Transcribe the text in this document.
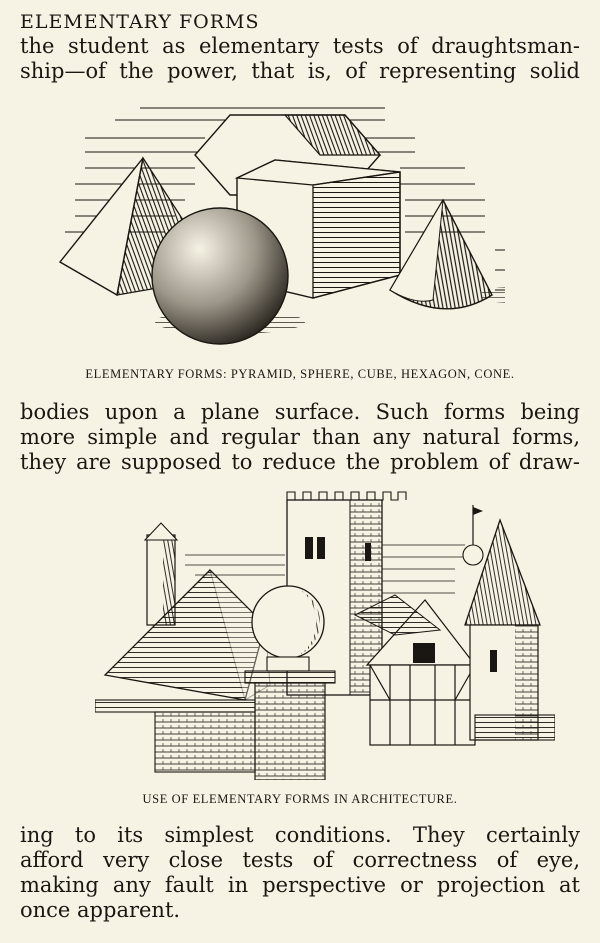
ELEMENTARY FORMS
the student as elementary tests of draughtsman-
ship—of the power, that is, of representing solid
ELEMENTARY FORMS: PYRAMID, SPHERE, CUBE, HEXAGON, CONE.
bodies upon a plane surface. Such forms being
more simple and regular than any natural forms,
they are supposed to reduce the problem of draw-
USE OF ELEMENTARY FORMS IN ARCHITECTURE.
ing to its simplest conditions. They certainly
afford very close tests of correctness of eye,
making any fault in perspective or projection at
once apparent.
